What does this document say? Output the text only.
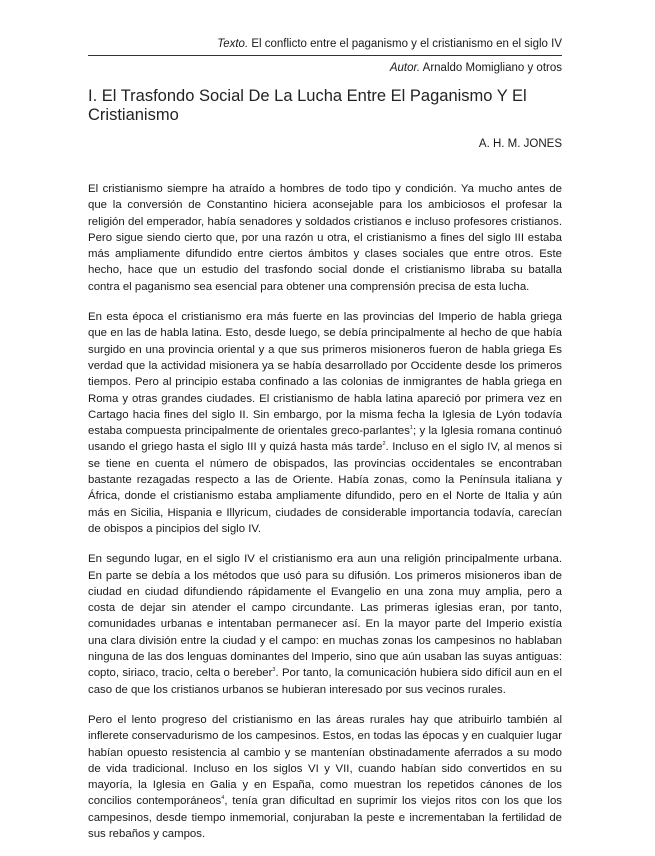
Texto. El conflicto entre el paganismo y el cristianismo en el siglo IV
Autor. Arnaldo Momigliano y otros
I. El Trasfondo Social De La Lucha Entre El Paganismo Y El Cristianismo
A. H. M. JONES

El cristianismo siempre ha atraído a hombres de todo tipo y condición. Ya mucho antes de que la conversión de Constantino hiciera aconsejable para los ambiciosos el profesar la religión del emperador, había senadores y soldados cristianos e incluso profesores cristianos. Pero sigue siendo cierto que, por una razón u otra, el cristianismo a fines del siglo III estaba más ampliamente difundido entre ciertos ámbitos y clases sociales que entre otros. Este hecho, hace que un estudio del trasfondo social donde el cristianismo libraba su batalla contra el paganismo sea esencial para obtener una comprensión precisa de esta lucha.

En esta época el cristianismo era más fuerte en las provincias del Imperio de habla griega que en las de habla latina. Esto, desde luego, se debía principalmente al hecho de que había surgido en una provincia oriental y a que sus primeros misioneros fueron de habla griega Es verdad que la actividad misionera ya se había desarrollado por Occidente desde los primeros tiempos. Pero al principio estaba confinado a las colonias de inmigrantes de habla griega en Roma y otras grandes ciudades. El cristianismo de habla latina apareció por primera vez en Cartago hacia fines del siglo II. Sin embargo, por la misma fecha la Iglesia de Lyón todavía estaba compuesta principalmente de orientales greco-parlantes$^1$; y la Iglesia romana continuó usando el griego hasta el siglo III y quizá hasta más tarde$^2$. Incluso en el siglo IV, al menos si se tiene en cuenta el número de obispados, las provincias occidentales se encontraban bastante rezagadas respecto a las de Oriente. Había zonas, como la Península italiana y África, donde el cristianismo estaba ampliamente difundido, pero en el Norte de Italia y aún más en Sicilia, Hispania e Illyricum, ciudades de considerable importancia todavía, carecían de obispos a pincipios del siglo IV.

En segundo lugar, en el siglo IV el cristianismo era aun una religión principalmente urbana. En parte se debía a los métodos que usó para su difusión. Los primeros misioneros iban de ciudad en ciudad difundiendo rápidamente el Evangelio en una zona muy amplia, pero a costa de dejar sin atender el campo circundante. Las primeras iglesias eran, por tanto, comunidades urbanas e intentaban permanecer así. En la mayor parte del Imperio existía una clara división entre la ciudad y el campo: en muchas zonas los campesinos no hablaban ninguna de las dos lenguas dominantes del Imperio, sino que aún usaban las suyas antiguas: copto, siriaco, tracio, celta o bereber$^3$. Por tanto, la comunicación hubiera sido difícil aun en el caso de que los cristianos urbanos se hubieran interesado por sus vecinos rurales.

Pero el lento progreso del cristianismo en las áreas rurales hay que atribuirlo también al inflerete conservadurismo de los campesinos. Estos, en todas las épocas y en cualquier lugar habían opuesto resistencia al cambio y se mantenían obstinadamente aferrados a su modo de vida tradicional. Incluso en los siglos VI y VII, cuando habían sido convertidos en su mayoría, la Iglesia en Galia y en España, como muestran los repetidos cánones de los concilios contemporáneos$^4$, tenía gran dificultad en suprimir los viejos ritos con los que los campesinos, desde tiempo inmemorial, conjuraban la peste e incrementaban la fertilidad de sus rebaños y campos.
